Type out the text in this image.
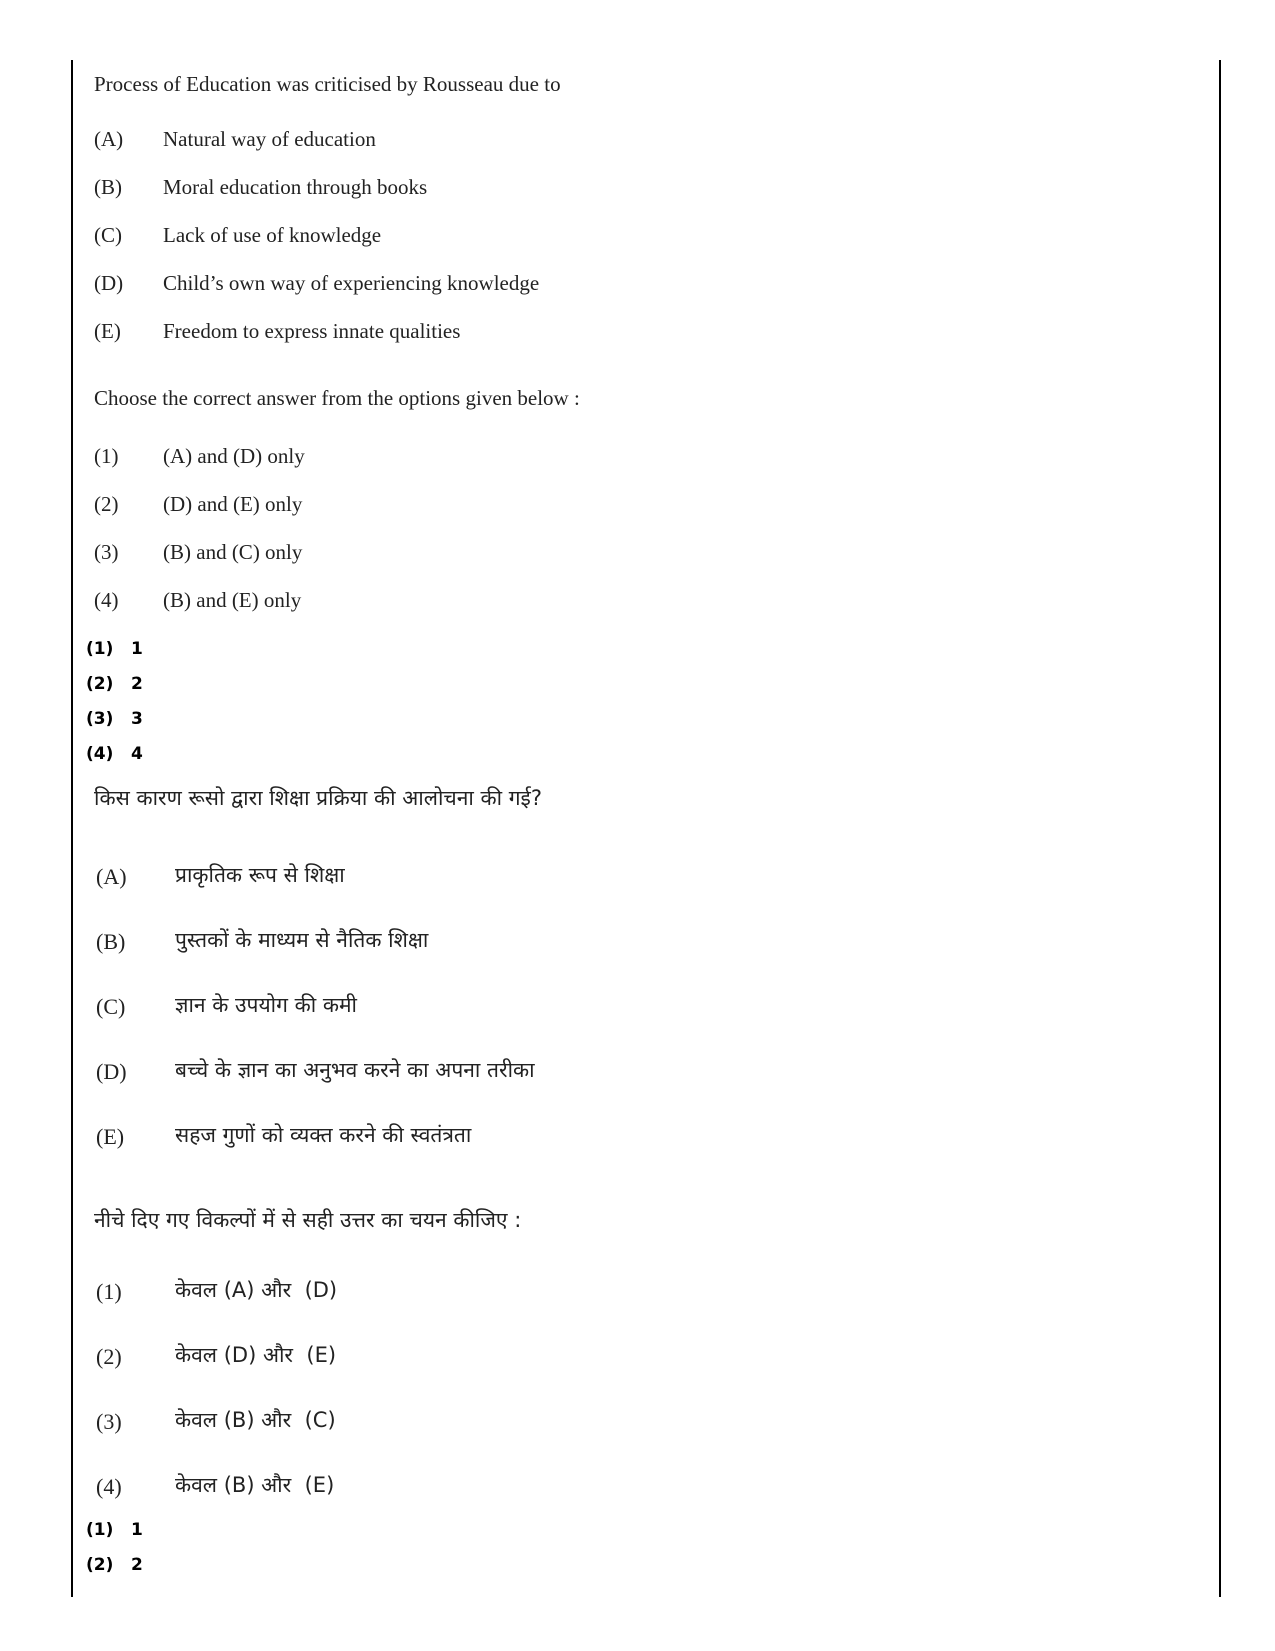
Process of Education was criticised by Rousseau due to
(A) Natural way of education
(B) Moral education through books
(C) Lack of use of knowledge
(D) Child’s own way of experiencing knowledge
(E) Freedom to express innate qualities
Choose the correct answer from the options given below :
(1) (A) and (D) only
(2) (D) and (E) only
(3) (B) and (C) only
(4) (B) and (E) only
(1) 1
(2) 2
(3) 3
(4) 4
किस कारण रूसो द्वारा शिक्षा प्रक्रिया की आलोचना की गई?
(A) प्राकृतिक रूप से शिक्षा
(B) पुस्तकों के माध्यम से नैतिक शिक्षा
(C) ज्ञान के उपयोग की कमी
(D) बच्चे के ज्ञान का अनुभव करने का अपना तरीका
(E) सहज गुणों को व्यक्त करने की स्वतंत्रता
नीचे दिए गए विकल्पों में से सही उत्तर का चयन कीजिए :
(1)	केवल (A) और  (D)
(2)	केवल (D) और  (E)
(3)	केवल (B) और  (C)
(4)	केवल (B) और  (E)
(1) 1
(2) 2
